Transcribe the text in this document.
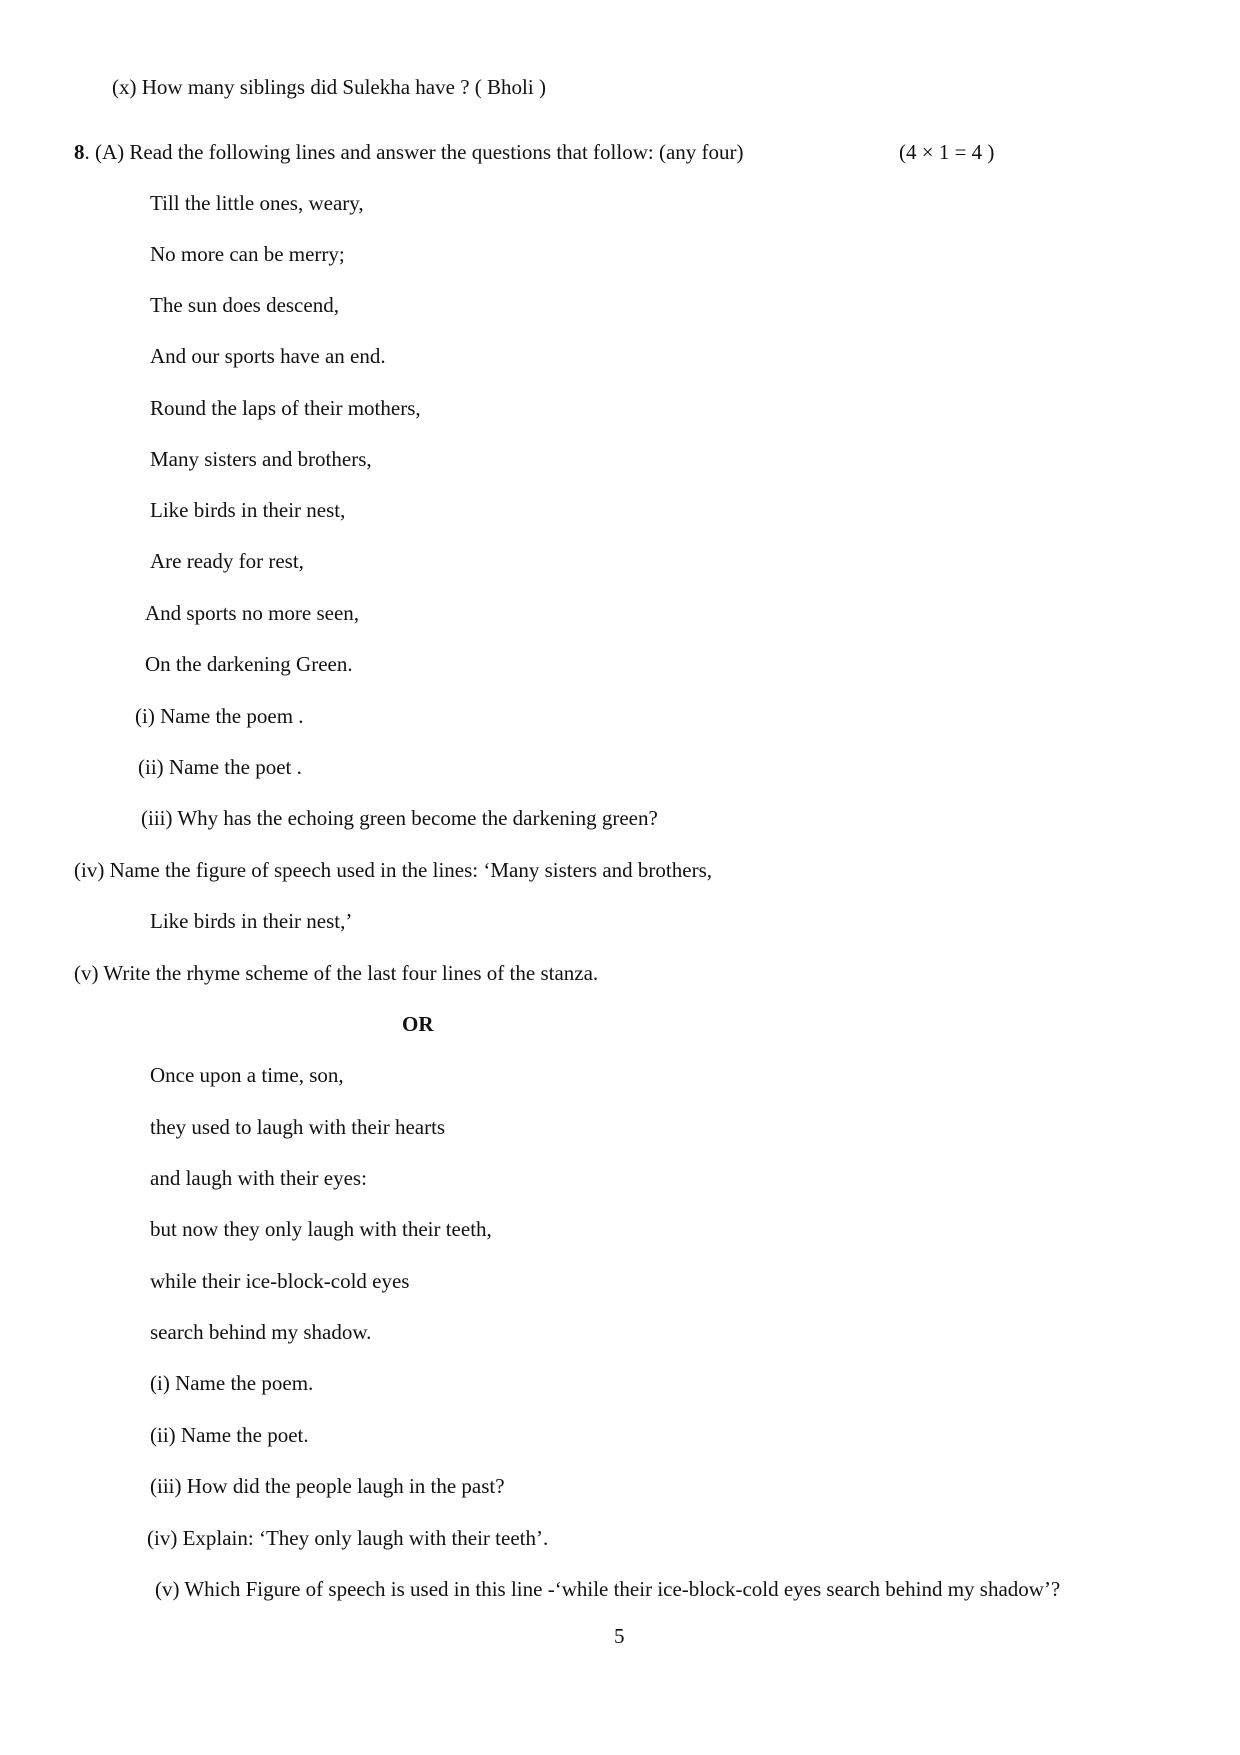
(x) How many siblings did Sulekha have ? ( Bholi )
8. (A) Read the following lines and answer the questions that follow: (any four)	(4 × 1 = 4 )
Till the little ones, weary,
No more can be merry;
The sun does descend,
And our sports have an end.
Round the laps of their mothers,
Many sisters and brothers,
Like birds in their nest,
Are ready for rest,
And sports no more seen,
On the darkening Green.
(i) Name the poem .
(ii) Name the poet .
(iii) Why has the echoing green become the darkening green?
(iv) Name the figure of speech used in the lines: ‘Many sisters and brothers,
Like birds in their nest,’
(v) Write the rhyme scheme of the last four lines of the stanza.
OR
Once upon a time, son,
they used to laugh with their hearts
and laugh with their eyes:
but now they only laugh with their teeth,
while their ice-block-cold eyes
search behind my shadow.
(i) Name the poem.
(ii) Name the poet.
(iii) How did the people laugh in the past?
(iv) Explain: ‘They only laugh with their teeth’.
(v) Which Figure of speech is used in this line -‘while their ice-block-cold eyes search behind my shadow’?
5
